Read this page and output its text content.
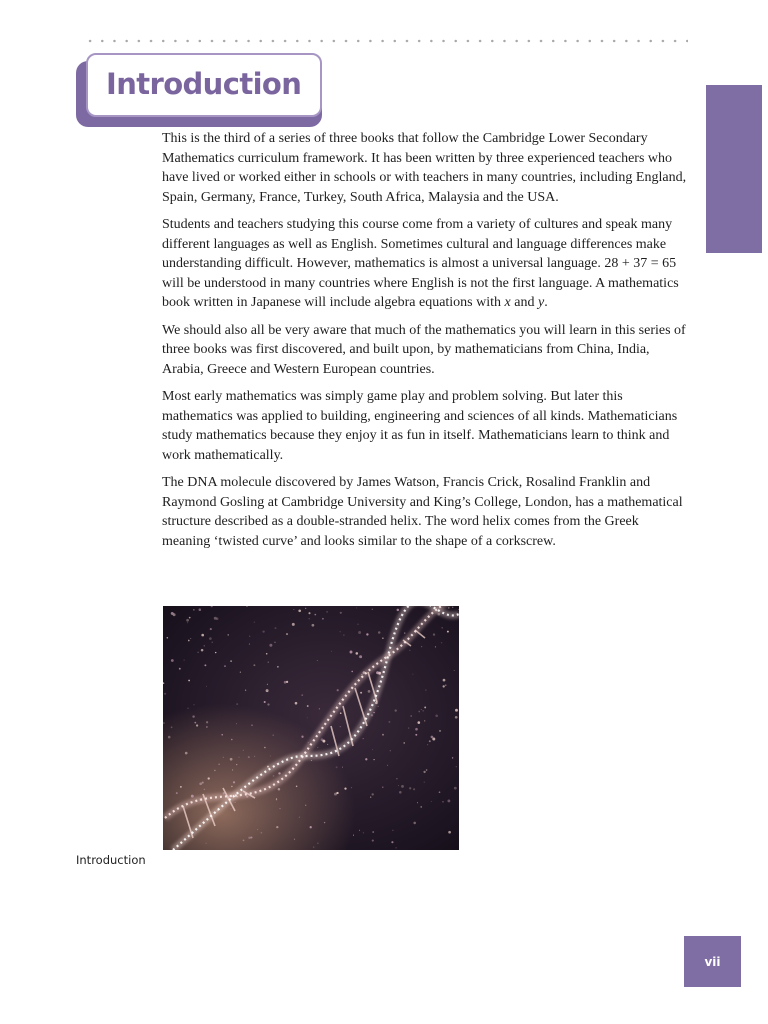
Introduction

This is the third of a series of three books that follow the Cambridge Lower Secondary Mathematics curriculum framework. It has been written by three experienced teachers who have lived or worked either in schools or with teachers in many countries, including England, Spain, Germany, France, Turkey, South Africa, Malaysia and the USA.

Students and teachers studying this course come from a variety of cultures and speak many different languages as well as English. Sometimes cultural and language differences make understanding difficult. However, mathematics is almost a universal language. 28 + 37 = 65 will be understood in many countries where English is not the first language. A mathematics book written in Japanese will include algebra equations with x and y.

We should also all be very aware that much of the mathematics you will learn in this series of three books was first discovered, and built upon, by mathematicians from China, India, Arabia, Greece and Western European countries.

Most early mathematics was simply game play and problem solving. But later this mathematics was applied to building, engineering and sciences of all kinds. Mathematicians study mathematics because they enjoy it as fun in itself. Mathematicians learn to think and work mathematically.

The DNA molecule discovered by James Watson, Francis Crick, Rosalind Franklin and Raymond Gosling at Cambridge University and King’s College, London, has a mathematical structure described as a double-stranded helix. The word helix comes from the Greek meaning ‘twisted curve’ and looks similar to the shape of a corkscrew.

Introduction
vii
